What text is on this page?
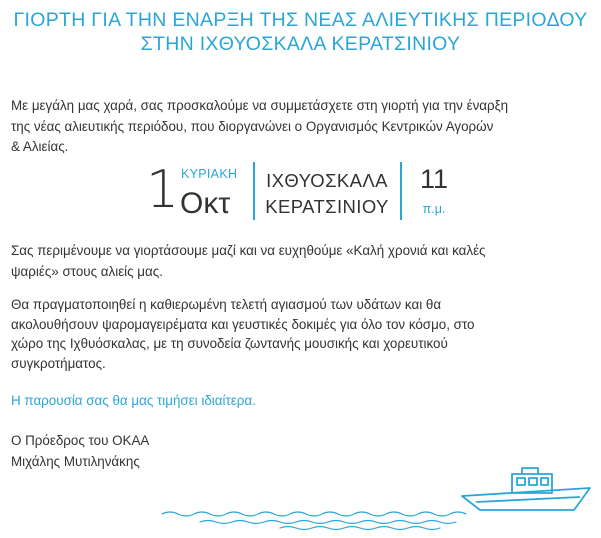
ΓΙΟΡΤΗ ΓΙΑ ΤΗΝ ΕΝΑΡΞΗ ΤΗΣ ΝΕΑΣ ΑΛΙΕΥΤΙΚΗΣ ΠΕΡΙΟΔΟΥ
ΣΤΗΝ ΙΧΘΥΟΣΚΑΛΑ ΚΕΡΑΤΣΙΝΙΟΥ
Με μεγάλη μας χαρά, σας προσκαλούμε να συμμετάσχετε στη γιορτή για την έναρξη
της νέας αλιευτικής περιόδου, που διοργανώνει ο Οργανισμός Κεντρικών Αγορών
& Αλιείας.
1 ΚΥΡΙΑΚΗ
Οκτ
ΙΧΘΥΟΣΚΑΛΑ
ΚΕΡΑΤΣΙΝΙΟΥ
11
π.μ.
Σας περιμένουμε να γιορτάσουμε μαζί και να ευχηθούμε «Καλή χρονιά και καλές
ψαριές» στους αλιείς μας.
Θα πραγματοποιηθεί η καθιερωμένη τελετή αγιασμού των υδάτων και θα
ακολουθήσουν ψαρομαγειρέματα και γευστικές δοκιμές για όλο τον κόσμο, στο
χώρο της Ιχθυόσκαλας, με τη συνοδεία ζωντανής μουσικής και χορευτικού
συγκροτήματος.
Η παρουσία σας θα μας τιμήσει ιδιαίτερα.
Ο Πρόεδρος του ΟΚΑΑ
Μιχάλης Μυτιληνάκης
